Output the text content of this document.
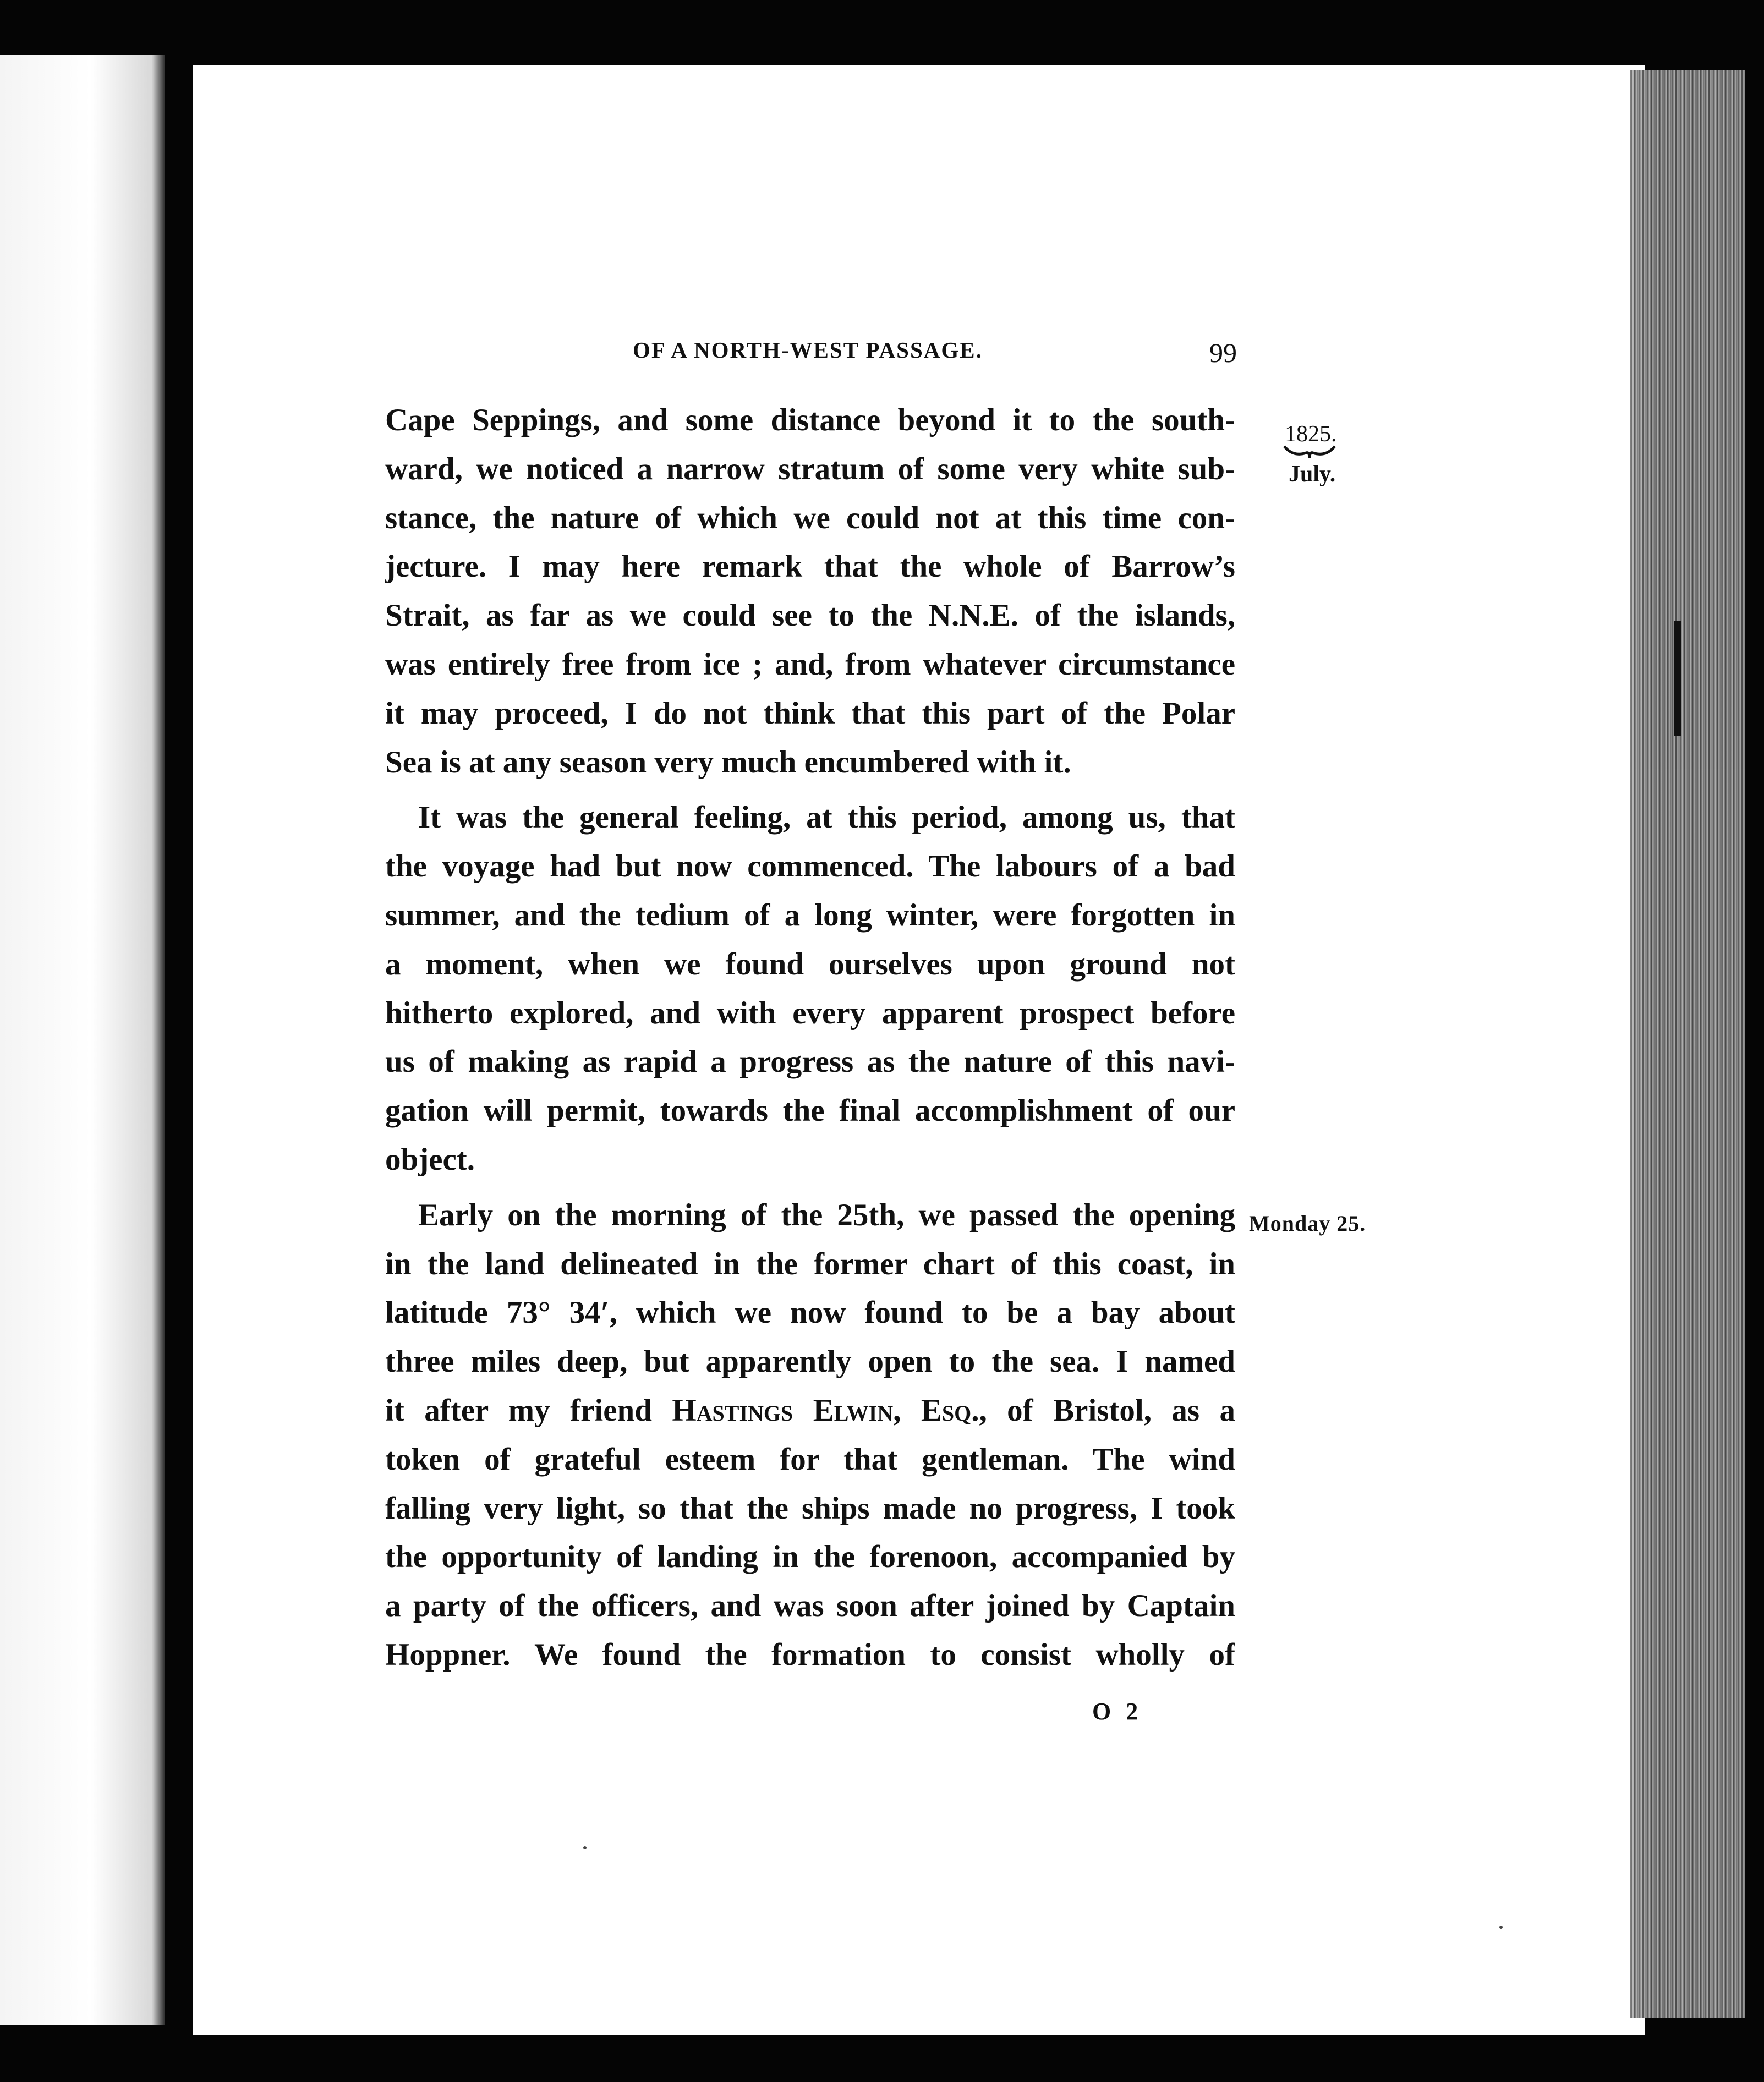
OF A NORTH-WEST PASSAGE.	99
1825.
July.
Monday 25.
Cape Seppings, and some distance beyond it to the south-
ward, we noticed a narrow stratum of some very white sub-
stance, the nature of which we could not at this time con-
jecture. I may here remark that the whole of Barrow’s
Strait, as far as we could see to the N.N.E. of the islands,
was entirely free from ice ; and, from whatever circumstance
it may proceed, I do not think that this part of the Polar
Sea is at any season very much encumbered with it.
It was the general feeling, at this period, among us, that
the voyage had but now commenced. The labours of a bad
summer, and the tedium of a long winter, were forgotten in
a moment, when we found ourselves upon ground not
hitherto explored, and with every apparent prospect before
us of making as rapid a progress as the nature of this navi-
gation will permit, towards the final accomplishment of our
object.
Early on the morning of the 25th, we passed the opening
in the land delineated in the former chart of this coast, in
latitude 73° 34′, which we now found to be a bay about
three miles deep, but apparently open to the sea. I named
it after my friend Hastings Elwin, Esq., of Bristol, as a
token of grateful esteem for that gentleman. The wind
falling very light, so that the ships made no progress, I took
the opportunity of landing in the forenoon, accompanied by
a party of the officers, and was soon after joined by Captain
Hoppner. We found the formation to consist wholly of
O 2
